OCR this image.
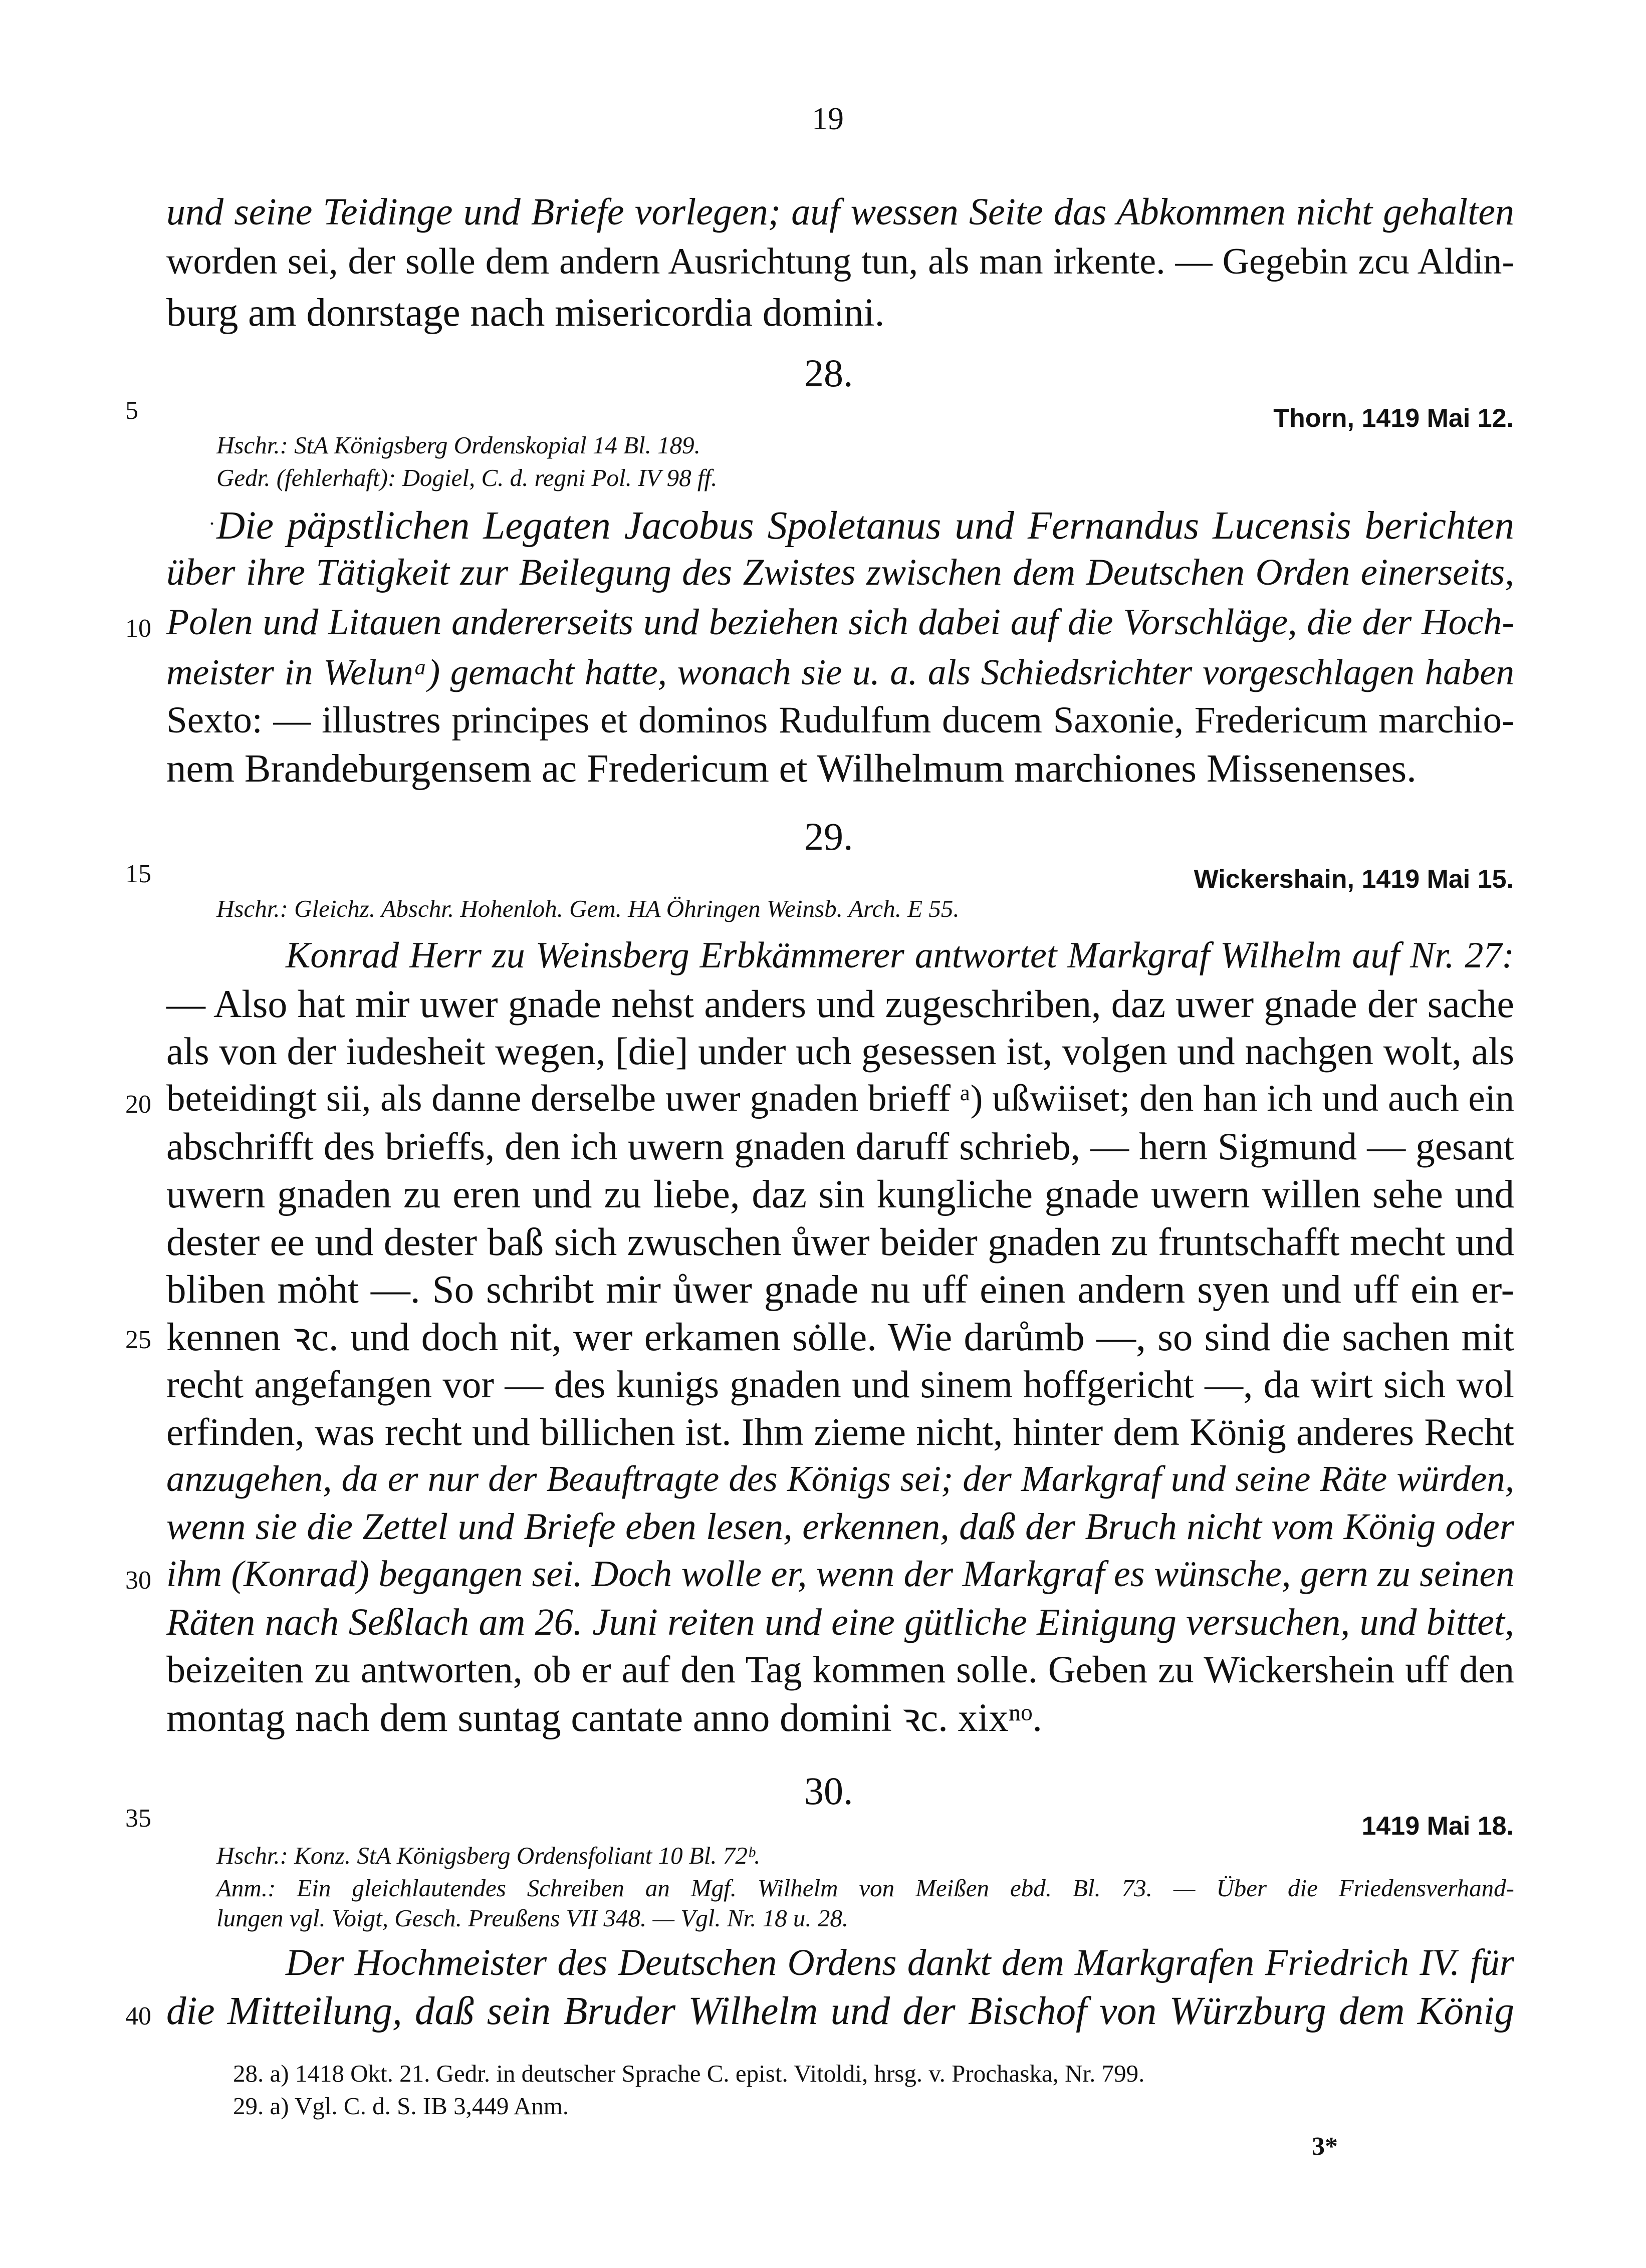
19
und seine Teidinge und Briefe vorlegen; auf wessen Seite das Abkommen nicht gehalten
worden sei, der solle dem andern Ausrichtung tun, als man irkente. — Gegebin zcu Aldin-
burg am donrstage nach misericordia domini.
5
28.
Thorn, 1419 Mai 12.
Hschr.: StA Königsberg Ordenskopial 14 Bl. 189.
Gedr. (fehlerhaft): Dogiel, C. d. regni Pol. IV 98 ff.
. Die päpstlichen Legaten Jacobus Spoletanus und Fernandus Lucensis berichten
über ihre Tätigkeit zur Beilegung des Zwistes zwischen dem Deutschen Orden einerseits,
10 Polen und Litauen andererseits und beziehen sich dabei auf die Vorschläge, die der Hoch-
meister in Welunᵃ) gemacht hatte, wonach sie u. a. als Schiedsrichter vorgeschlagen haben
Sexto: — illustres principes et dominos Rudulfum ducem Saxonie, Fredericum marchio-
nem Brandeburgensem ac Fredericum et Wilhelmum marchiones Missenenses.
15
29.
Wickershain, 1419 Mai 15.
Hschr.: Gleichz. Abschr. Hohenloh. Gem. HA Öhringen Weinsb. Arch. E 55.
Konrad Herr zu Weinsberg Erbkämmerer antwortet Markgraf Wilhelm auf Nr. 27:
— Also hat mir uwer gnade nehst anders und zugeschriben, daz uwer gnade der sache
als von der iudesheit wegen, [die] under uch gesessen ist, volgen und nachgen wolt, als
20 beteidingt sii, als danne derselbe uwer gnaden brieff ᵃ) ußwiiset; den han ich und auch ein
abschrifft des brieffs, den ich uwern gnaden daruff schrieb, — hern Sigmund — gesant
uwern gnaden zu eren und zu liebe, daz sin kungliche gnade uwern willen sehe und
dester ee und dester baß sich zwuschen ůwer beider gnaden zu fruntschafft mecht und
bliben mȯht —. So schribt mir ůwer gnade nu uff einen andern syen und uff ein er-
25 kennen ꝛc. und doch nit, wer erkamen sȯlle. Wie darůmb —, so sind die sachen mit
recht angefangen vor — des kunigs gnaden und sinem hoffgericht —, da wirt sich wol
erfinden, was recht und billichen ist. Ihm zieme nicht, hinter dem König anderes Recht
anzugehen, da er nur der Beauftragte des Königs sei; der Markgraf und seine Räte würden,
wenn sie die Zettel und Briefe eben lesen, erkennen, daß der Bruch nicht vom König oder
30 ihm (Konrad) begangen sei. Doch wolle er, wenn der Markgraf es wünsche, gern zu seinen
Räten nach Seßlach am 26. Juni reiten und eine gütliche Einigung versuchen, und bittet,
beizeiten zu antworten, ob er auf den Tag kommen solle. Geben zu Wickershein uff den
montag nach dem suntag cantate anno domini ꝛc. xixⁿᵒ.
35
30.
1419 Mai 18.
Hschr.: Konz. StA Königsberg Ordensfoliant 10 Bl. 72ᵇ.
Anm.: Ein gleichlautendes Schreiben an Mgf. Wilhelm von Meißen ebd. Bl. 73. — Über die Friedensverhand-
lungen vgl. Voigt, Gesch. Preußens VII 348. — Vgl. Nr. 18 u. 28.
Der Hochmeister des Deutschen Ordens dankt dem Markgrafen Friedrich IV. für
40 die Mitteilung, daß sein Bruder Wilhelm und der Bischof von Würzburg dem König
28. a) 1418 Okt. 21. Gedr. in deutscher Sprache C. epist. Vitoldi, hrsg. v. Prochaska, Nr. 799.
29. a) Vgl. C. d. S. IB 3,449 Anm.
3*
